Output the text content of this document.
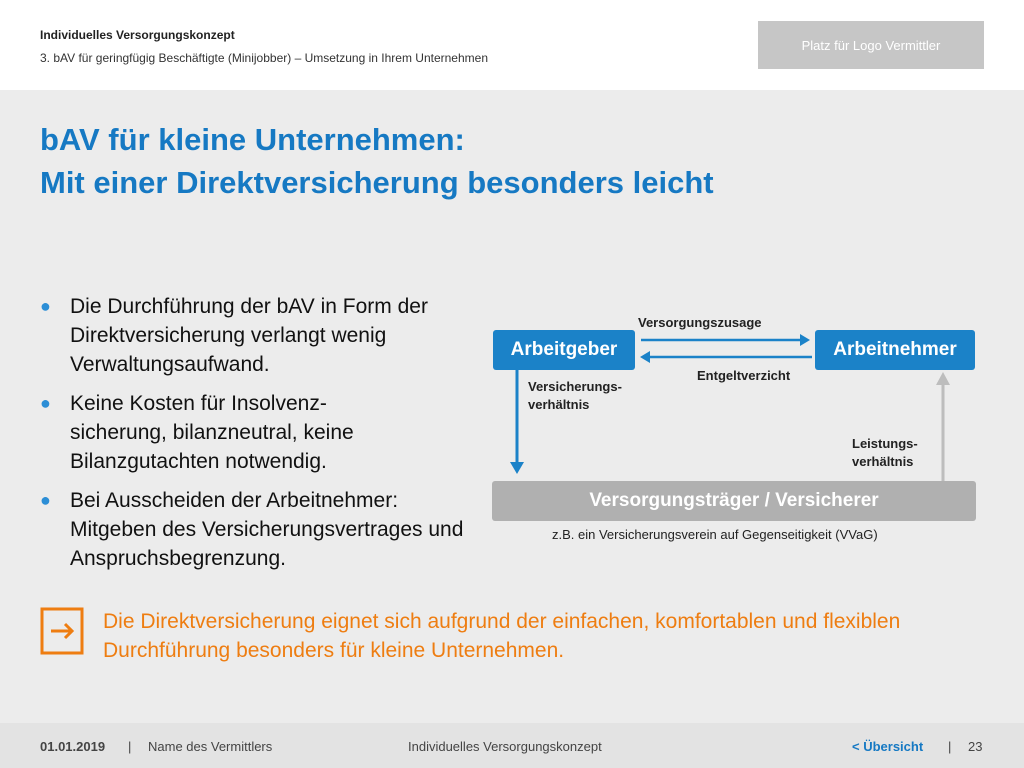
Individuelles Versorgungskonzept
3. bAV für geringfügig Beschäftigte (Minijobber) – Umsetzung in Ihrem Unternehmen
Platz für Logo Vermittler
bAV für kleine Unternehmen:
Mit einer Direktversicherung besonders leicht
● Die Durchführung der bAV in Form der Direktversicherung verlangt wenig Verwaltungsaufwand.
● Keine Kosten für Insolvenz-sicherung, bilanzneutral, keine Bilanzgutachten notwendig.
● Bei Ausscheiden der Arbeitnehmer: Mitgeben des Versicherungsvertrages und Anspruchsbegrenzung.
Arbeitgeber	Arbeitnehmer
Versorgungszusage
Entgeltverzicht
Versicherungs-
verhältnis
Leistungs-
verhältnis
Versorgungsträger / Versicherer
z.B. ein Versicherungsverein auf Gegenseitigkeit (VVaG)
Die Direktversicherung eignet sich aufgrund der einfachen, komfortablen und flexiblen Durchführung besonders für kleine Unternehmen.
01.01.2019 | Name des Vermittlers	Individuelles Versorgungskonzept	< Übersicht | 23
